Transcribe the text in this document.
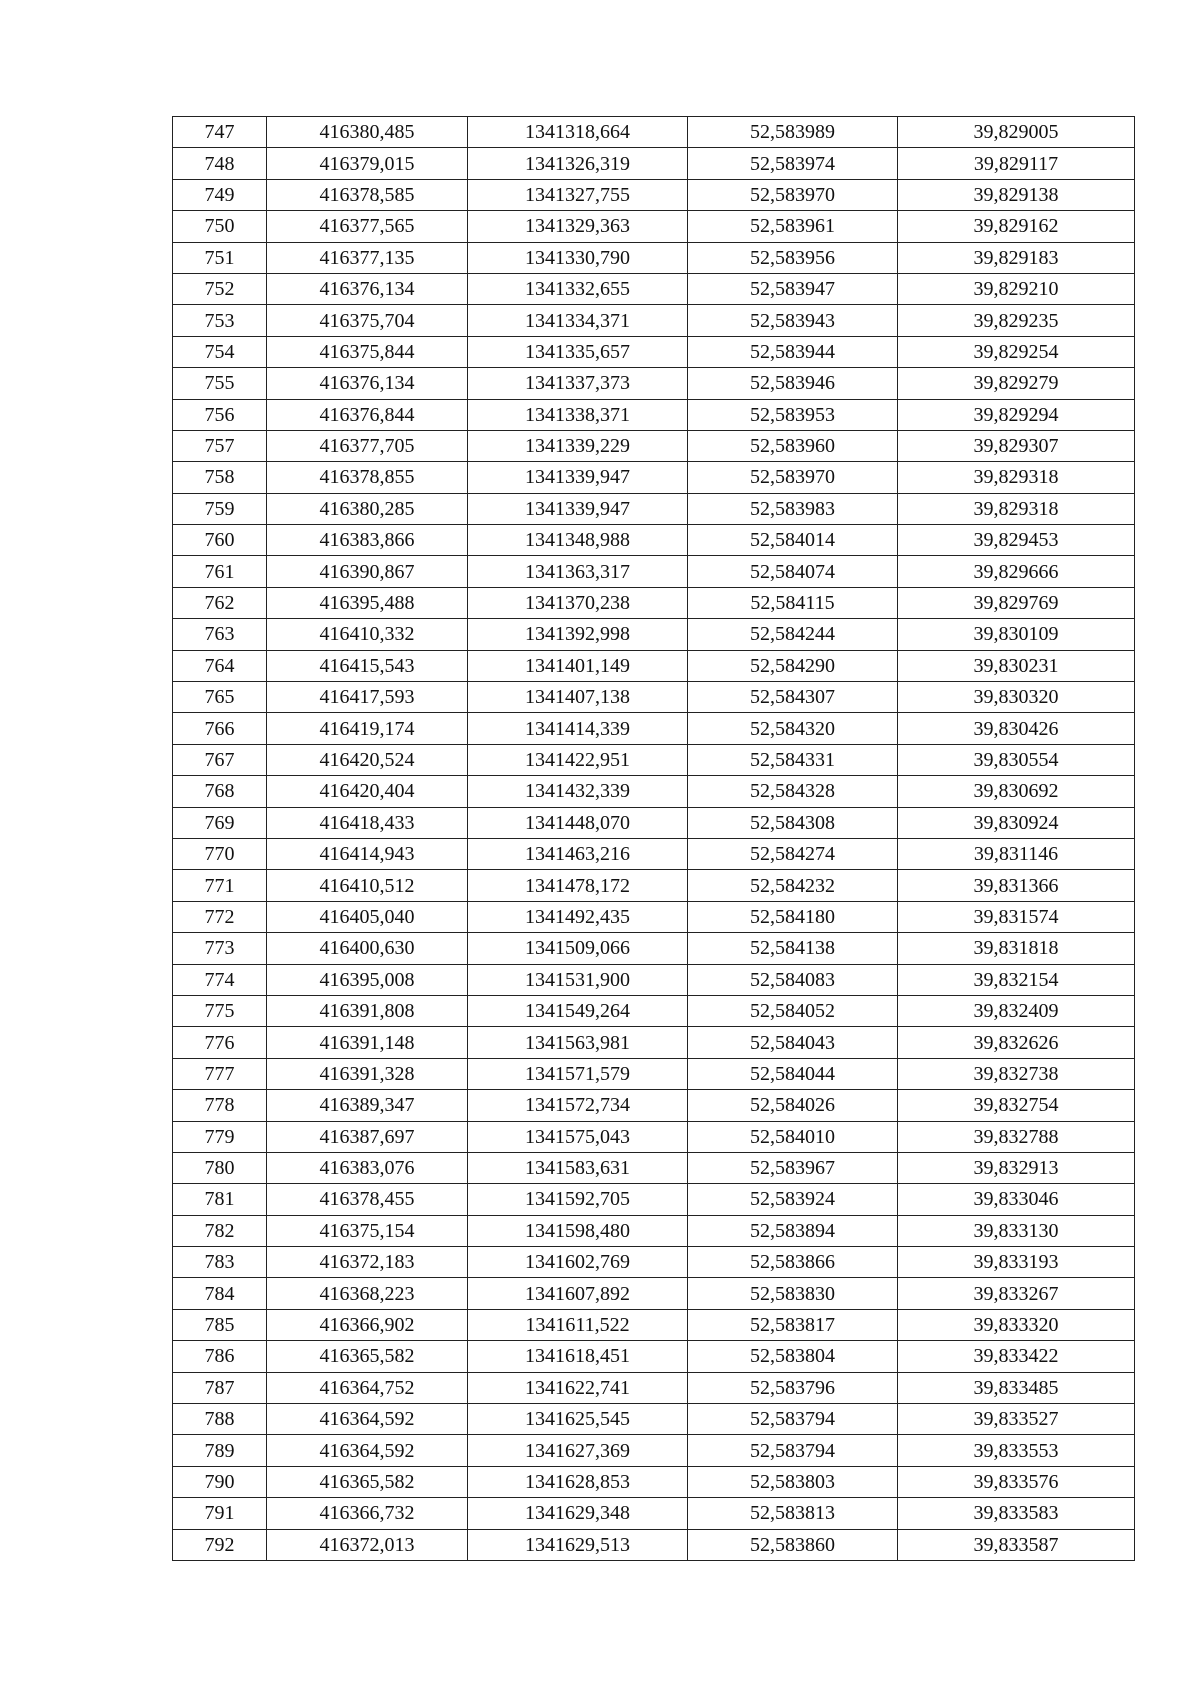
747	416380,485	1341318,664	52,583989	39,829005
748	416379,015	1341326,319	52,583974	39,829117
749	416378,585	1341327,755	52,583970	39,829138
750	416377,565	1341329,363	52,583961	39,829162
751	416377,135	1341330,790	52,583956	39,829183
752	416376,134	1341332,655	52,583947	39,829210
753	416375,704	1341334,371	52,583943	39,829235
754	416375,844	1341335,657	52,583944	39,829254
755	416376,134	1341337,373	52,583946	39,829279
756	416376,844	1341338,371	52,583953	39,829294
757	416377,705	1341339,229	52,583960	39,829307
758	416378,855	1341339,947	52,583970	39,829318
759	416380,285	1341339,947	52,583983	39,829318
760	416383,866	1341348,988	52,584014	39,829453
761	416390,867	1341363,317	52,584074	39,829666
762	416395,488	1341370,238	52,584115	39,829769
763	416410,332	1341392,998	52,584244	39,830109
764	416415,543	1341401,149	52,584290	39,830231
765	416417,593	1341407,138	52,584307	39,830320
766	416419,174	1341414,339	52,584320	39,830426
767	416420,524	1341422,951	52,584331	39,830554
768	416420,404	1341432,339	52,584328	39,830692
769	416418,433	1341448,070	52,584308	39,830924
770	416414,943	1341463,216	52,584274	39,831146
771	416410,512	1341478,172	52,584232	39,831366
772	416405,040	1341492,435	52,584180	39,831574
773	416400,630	1341509,066	52,584138	39,831818
774	416395,008	1341531,900	52,584083	39,832154
775	416391,808	1341549,264	52,584052	39,832409
776	416391,148	1341563,981	52,584043	39,832626
777	416391,328	1341571,579	52,584044	39,832738
778	416389,347	1341572,734	52,584026	39,832754
779	416387,697	1341575,043	52,584010	39,832788
780	416383,076	1341583,631	52,583967	39,832913
781	416378,455	1341592,705	52,583924	39,833046
782	416375,154	1341598,480	52,583894	39,833130
783	416372,183	1341602,769	52,583866	39,833193
784	416368,223	1341607,892	52,583830	39,833267
785	416366,902	1341611,522	52,583817	39,833320
786	416365,582	1341618,451	52,583804	39,833422
787	416364,752	1341622,741	52,583796	39,833485
788	416364,592	1341625,545	52,583794	39,833527
789	416364,592	1341627,369	52,583794	39,833553
790	416365,582	1341628,853	52,583803	39,833576
791	416366,732	1341629,348	52,583813	39,833583
792	416372,013	1341629,513	52,583860	39,833587
